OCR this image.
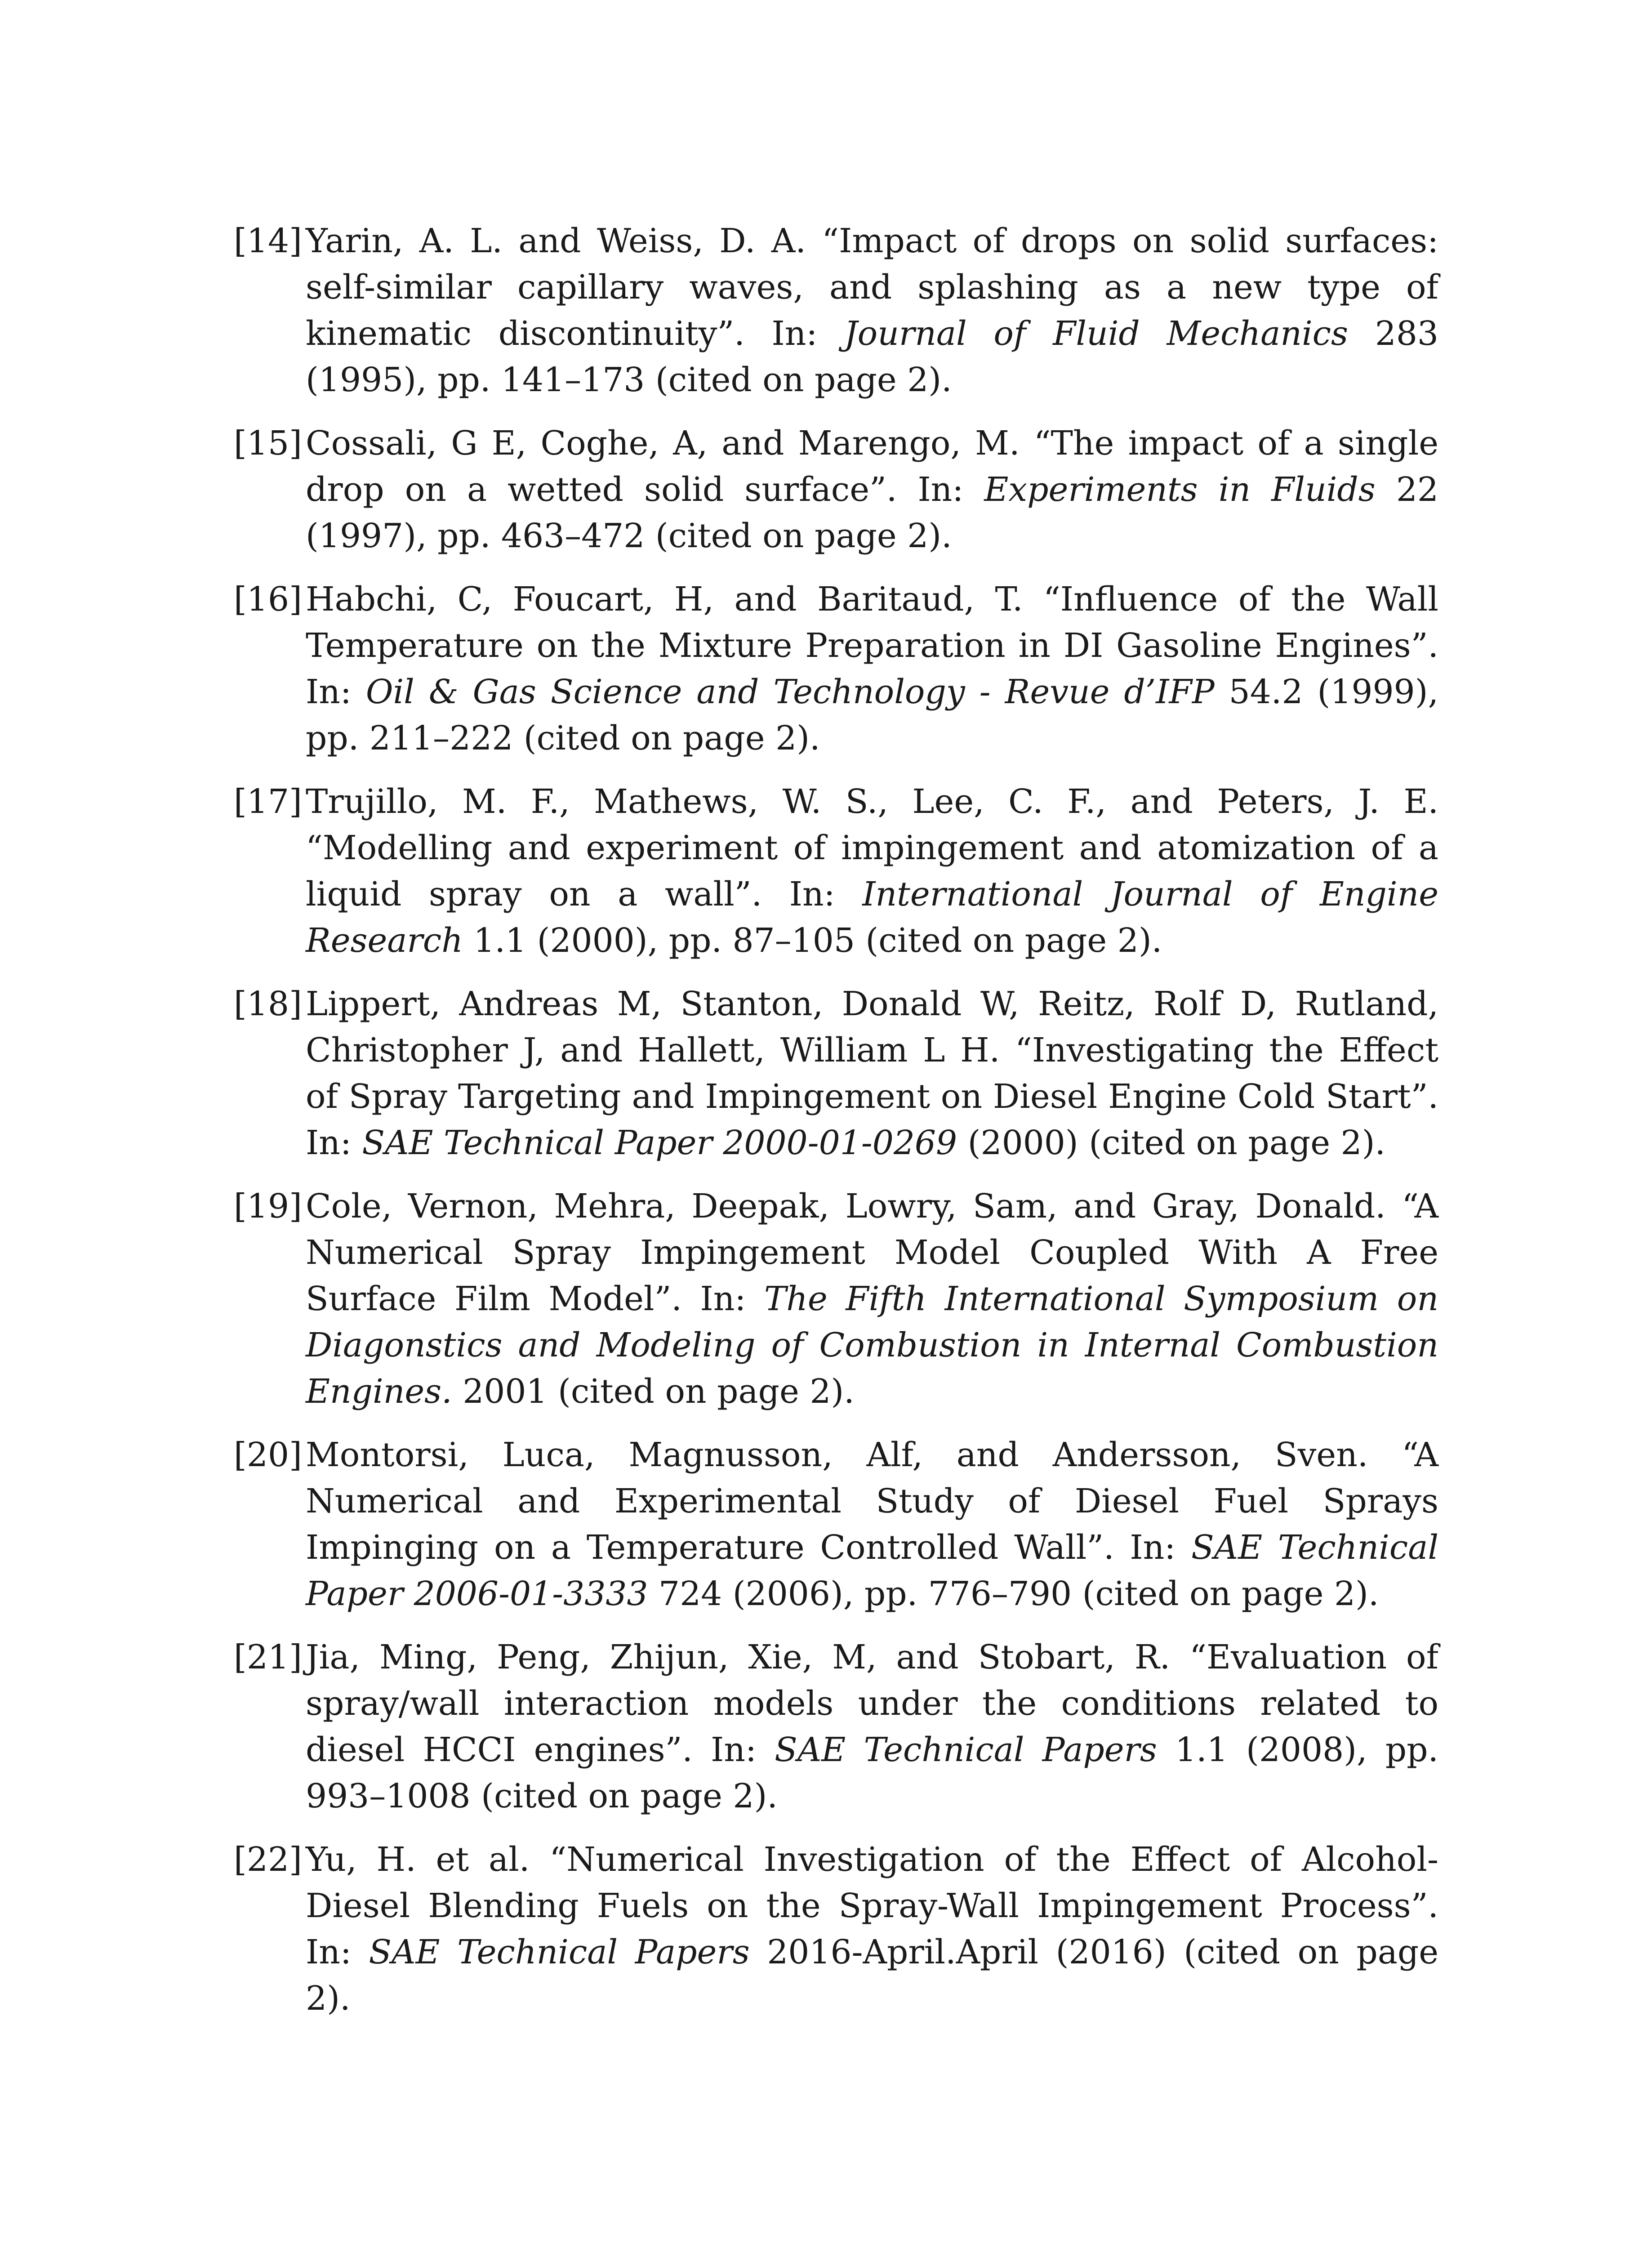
[14] Yarin, A. L. and Weiss, D. A. “Impact of drops on solid surfaces: self-similar capillary waves, and splashing as a new type of kinematic discontinuity”. In: Journal of Fluid Mechanics 283 (1995), pp. 141–173 (cited on page 2).
[15] Cossali, G E, Coghe, A, and Marengo, M. “The impact of a single drop on a wetted solid surface”. In: Experiments in Fluids 22 (1997), pp. 463–472 (cited on page 2).
[16] Habchi, C, Foucart, H, and Baritaud, T. “Influence of the Wall Temperature on the Mixture Preparation in DI Gasoline Engines”. In: Oil & Gas Science and Technology - Revue d’IFP 54.2 (1999), pp. 211–222 (cited on page 2).
[17] Trujillo, M. F., Mathews, W. S., Lee, C. F., and Peters, J. E. “Modelling and experiment of impingement and atomization of a liquid spray on a wall”. In: International Journal of Engine Research 1.1 (2000), pp. 87–105 (cited on page 2).
[18] Lippert, Andreas M, Stanton, Donald W, Reitz, Rolf D, Rutland, Christopher J, and Hallett, William L H. “Investigating the Effect of Spray Targeting and Impingement on Diesel Engine Cold Start”. In: SAE Technical Paper 2000-01-0269 (2000) (cited on page 2).
[19] Cole, Vernon, Mehra, Deepak, Lowry, Sam, and Gray, Donald. “A Numerical Spray Impingement Model Coupled With A Free Surface Film Model”. In: The Fifth International Symposium on Diagonstics and Modeling of Combustion in Internal Combustion Engines. 2001 (cited on page 2).
[20] Montorsi, Luca, Magnusson, Alf, and Andersson, Sven. “A Numerical and Experimental Study of Diesel Fuel Sprays Impinging on a Temperature Controlled Wall”. In: SAE Technical Paper 2006-01-3333 724 (2006), pp. 776–790 (cited on page 2).
[21] Jia, Ming, Peng, Zhijun, Xie, M, and Stobart, R. “Evaluation of spray/wall interaction models under the conditions related to diesel HCCI engines”. In: SAE Technical Papers 1.1 (2008), pp. 993–1008 (cited on page 2).
[22] Yu, H. et al. “Numerical Investigation of the Effect of Alcohol-Diesel Blending Fuels on the Spray-Wall Impingement Process”. In: SAE Technical Papers 2016-April.April (2016) (cited on page 2).
